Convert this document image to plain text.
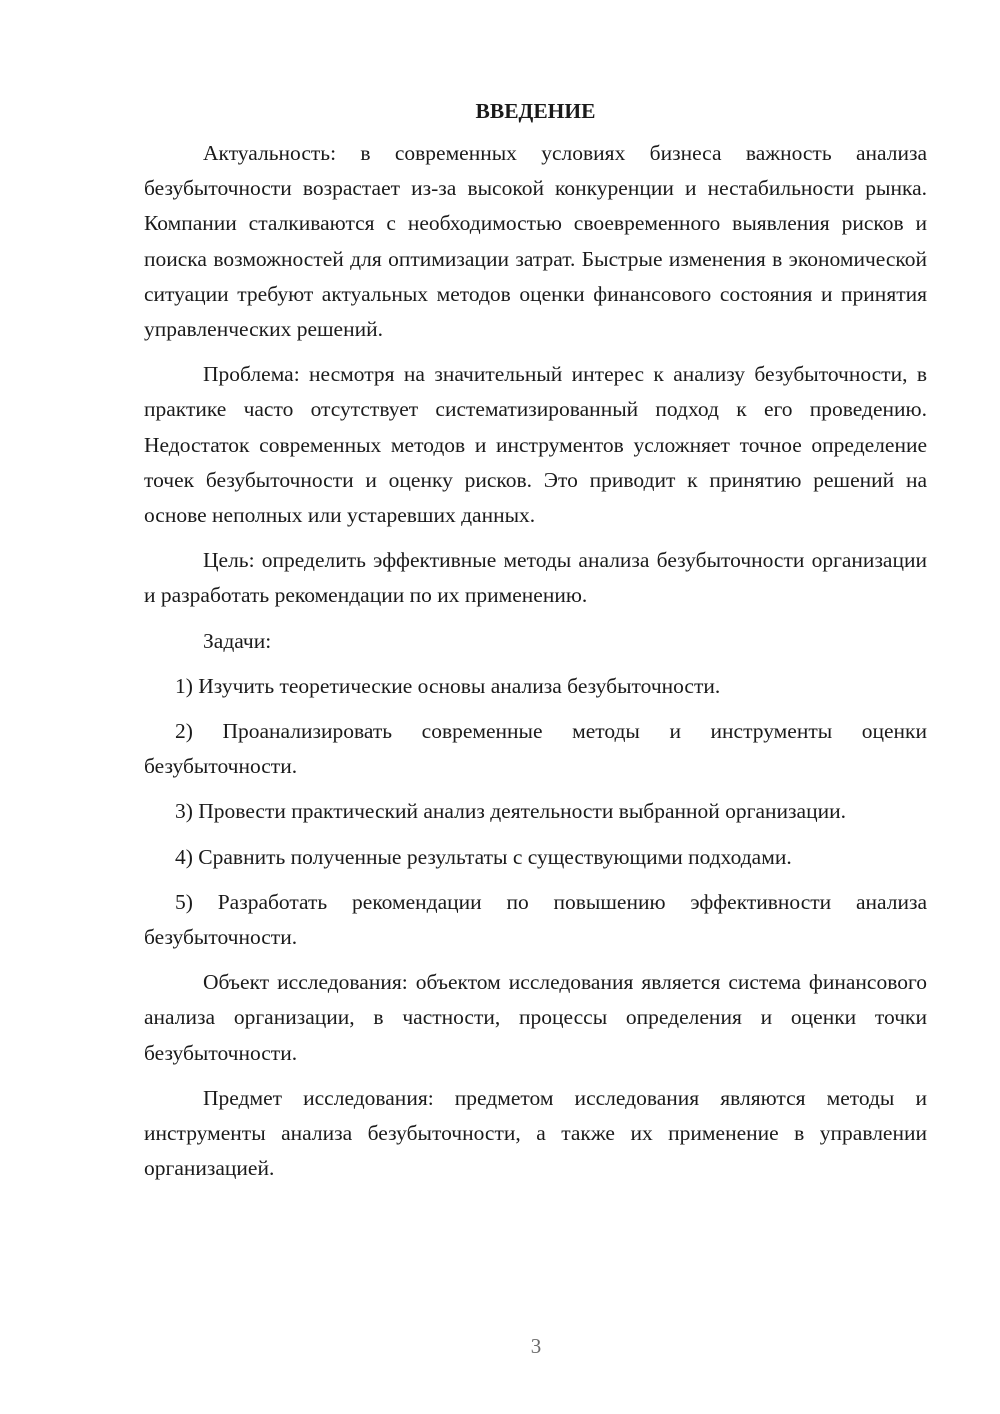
ВВЕДЕНИЕ

Актуальность: в современных условиях бизнеса важность анализа безубыточности возрастает из-за высокой конкуренции и нестабильности рынка. Компании сталкиваются с необходимостью своевременного выявления рисков и поиска возможностей для оптимизации затрат. Быстрые изменения в экономической ситуации требуют актуальных методов оценки финансового состояния и принятия управленческих решений.

Проблема: несмотря на значительный интерес к анализу безубыточности, в практике часто отсутствует систематизированный подход к его проведению. Недостаток современных методов и инструментов усложняет точное определение точек безубыточности и оценку рисков. Это приводит к принятию решений на основе неполных или устаревших данных.

Цель: определить эффективные методы анализа безубыточности организации и разработать рекомендации по их применению.

Задачи:

1) Изучить теоретические основы анализа безубыточности.

2) Проанализировать современные методы и инструменты оценки безубыточности.

3) Провести практический анализ деятельности выбранной организации.

4) Сравнить полученные результаты с существующими подходами.

5) Разработать рекомендации по повышению эффективности анализа безубыточности.

Объект исследования: объектом исследования является система финансового анализа организации, в частности, процессы определения и оценки точки безубыточности.

Предмет исследования: предметом исследования являются методы и инструменты анализа безубыточности, а также их применение в управлении организацией.

3
